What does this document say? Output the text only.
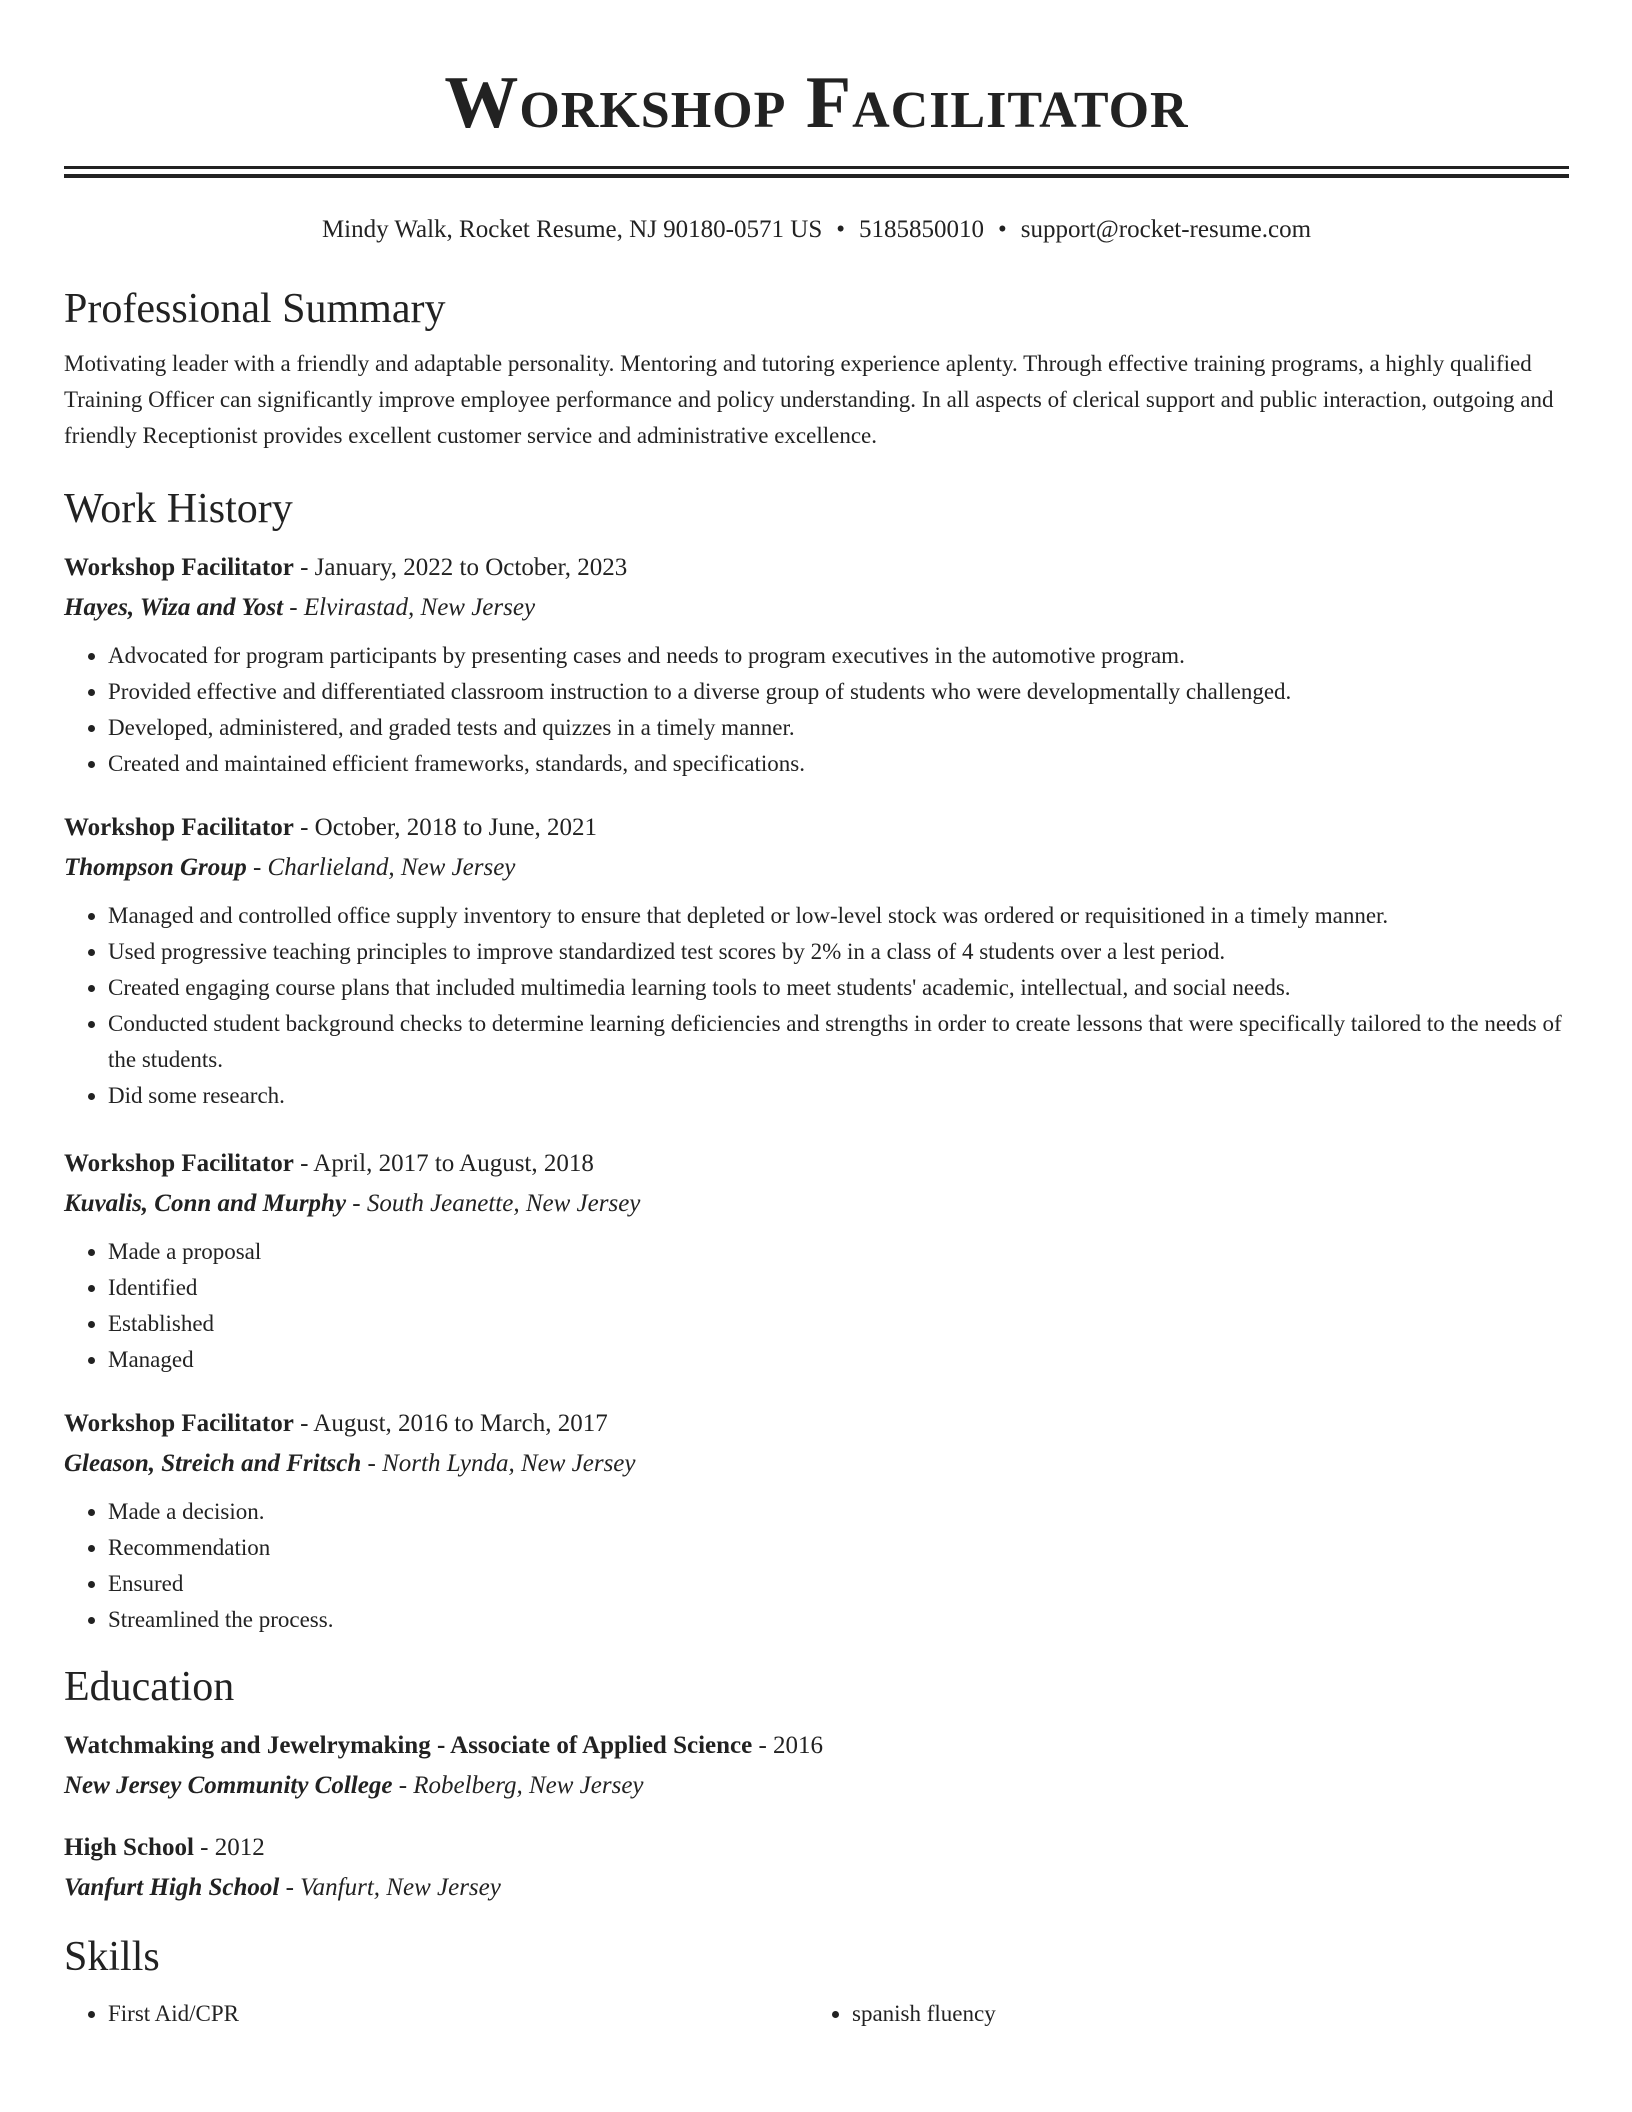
Workshop Facilitator
Mindy Walk, Rocket Resume, NJ 90180-0571 US • 5185850010 • support@rocket-resume.com
Professional Summary
Motivating leader with a friendly and adaptable personality. Mentoring and tutoring experience aplenty. Through effective training programs, a highly qualified Training Officer can significantly improve employee performance and policy understanding. In all aspects of clerical support and public interaction, outgoing and friendly Receptionist provides excellent customer service and administrative excellence.
Work History
Workshop Facilitator - January, 2022 to October, 2023
Hayes, Wiza and Yost - Elvirastad, New Jersey
• Advocated for program participants by presenting cases and needs to program executives in the automotive program.
• Provided effective and differentiated classroom instruction to a diverse group of students who were developmentally challenged.
• Developed, administered, and graded tests and quizzes in a timely manner.
• Created and maintained efficient frameworks, standards, and specifications.
Workshop Facilitator - October, 2018 to June, 2021
Thompson Group - Charlieland, New Jersey
• Managed and controlled office supply inventory to ensure that depleted or low-level stock was ordered or requisitioned in a timely manner.
• Used progressive teaching principles to improve standardized test scores by 2% in a class of 4 students over a lest period.
• Created engaging course plans that included multimedia learning tools to meet students' academic, intellectual, and social needs.
• Conducted student background checks to determine learning deficiencies and strengths in order to create lessons that were specifically tailored to the needs of the students.
• Did some research.
Workshop Facilitator - April, 2017 to August, 2018
Kuvalis, Conn and Murphy - South Jeanette, New Jersey
• Made a proposal
• Identified
• Established
• Managed
Workshop Facilitator - August, 2016 to March, 2017
Gleason, Streich and Fritsch - North Lynda, New Jersey
• Made a decision.
• Recommendation
• Ensured
• Streamlined the process.
Education
Watchmaking and Jewelrymaking - Associate of Applied Science - 2016
New Jersey Community College - Robelberg, New Jersey
High School - 2012
Vanfurt High School - Vanfurt, New Jersey
Skills
• First Aid/CPR
•	spanish fluency
